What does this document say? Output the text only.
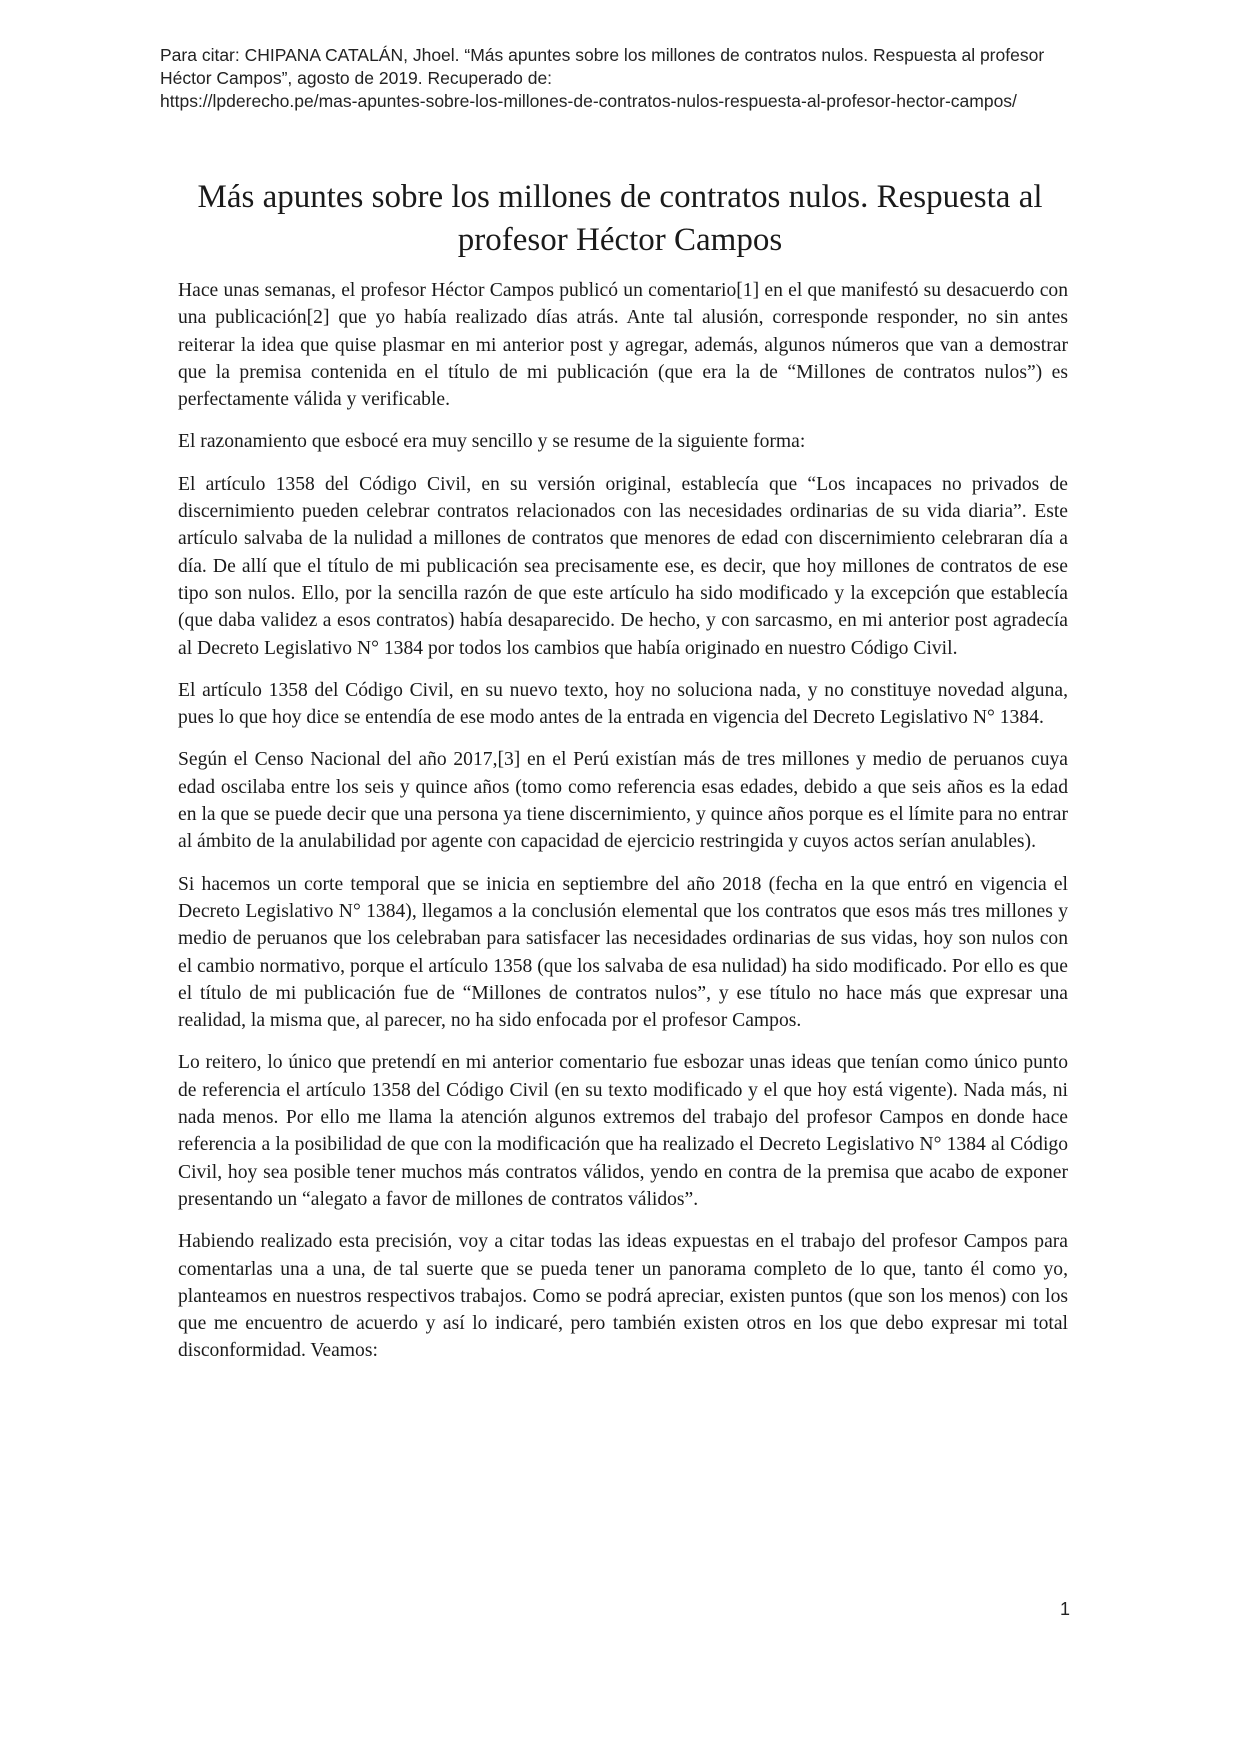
Para citar: CHIPANA CATALÁN, Jhoel. “Más apuntes sobre los millones de contratos nulos. Respuesta al profesor
Héctor Campos”, agosto de 2019. Recuperado de:
https://lpderecho.pe/mas-apuntes-sobre-los-millones-de-contratos-nulos-respuesta-al-profesor-hector-campos/
Más apuntes sobre los millones de contratos nulos. Respuesta al
profesor Héctor Campos

Hace unas semanas, el profesor Héctor Campos publicó un comentario[1] en el que manifestó su desacuerdo con una publicación[2] que yo había realizado días atrás. Ante tal alusión, corresponde responder, no sin antes reiterar la idea que quise plasmar en mi anterior post y agregar, además, algunos números que van a demostrar que la premisa contenida en el título de mi publicación (que era la de “Millones de contratos nulos”) es perfectamente válida y verificable.

El razonamiento que esbocé era muy sencillo y se resume de la siguiente forma:

El artículo 1358 del Código Civil, en su versión original, establecía que “Los incapaces no privados de discernimiento pueden celebrar contratos relacionados con las necesidades ordinarias de su vida diaria”. Este artículo salvaba de la nulidad a millones de contratos que menores de edad con discernimiento celebraran día a día. De allí que el título de mi publicación sea precisamente ese, es decir, que hoy millones de contratos de ese tipo son nulos. Ello, por la sencilla razón de que este artículo ha sido modificado y la excepción que establecía (que daba validez a esos contratos) había desaparecido. De hecho, y con sarcasmo, en mi anterior post agradecía al Decreto Legislativo N° 1384 por todos los cambios que había originado en nuestro Código Civil.

El artículo 1358 del Código Civil, en su nuevo texto, hoy no soluciona nada, y no constituye novedad alguna, pues lo que hoy dice se entendía de ese modo antes de la entrada en vigencia del Decreto Legislativo N° 1384.

Según el Censo Nacional del año 2017,[3] en el Perú existían más de tres millones y medio de peruanos cuya edad oscilaba entre los seis y quince años (tomo como referencia esas edades, debido a que seis años es la edad en la que se puede decir que una persona ya tiene discernimiento, y quince años porque es el límite para no entrar al ámbito de la anulabilidad por agente con capacidad de ejercicio restringida y cuyos actos serían anulables).

Si hacemos un corte temporal que se inicia en septiembre del año 2018 (fecha en la que entró en vigencia el Decreto Legislativo N° 1384), llegamos a la conclusión elemental que los contratos que esos más tres millones y medio de peruanos que los celebraban para satisfacer las necesidades ordinarias de sus vidas, hoy son nulos con el cambio normativo, porque el artículo 1358 (que los salvaba de esa nulidad) ha sido modificado. Por ello es que el título de mi publicación fue de “Millones de contratos nulos”, y ese título no hace más que expresar una realidad, la misma que, al parecer, no ha sido enfocada por el profesor Campos.

Lo reitero, lo único que pretendí en mi anterior comentario fue esbozar unas ideas que tenían como único punto de referencia el artículo 1358 del Código Civil (en su texto modificado y el que hoy está vigente). Nada más, ni nada menos. Por ello me llama la atención algunos extremos del trabajo del profesor Campos en donde hace referencia a la posibilidad de que con la modificación que ha realizado el Decreto Legislativo N° 1384 al Código Civil, hoy sea posible tener muchos más contratos válidos, yendo en contra de la premisa que acabo de exponer presentando un “alegato a favor de millones de contratos válidos”.

Habiendo realizado esta precisión, voy a citar todas las ideas expuestas en el trabajo del profesor Campos para comentarlas una a una, de tal suerte que se pueda tener un panorama completo de lo que, tanto él como yo, planteamos en nuestros respectivos trabajos. Como se podrá apreciar, existen puntos (que son los menos) con los que me encuentro de acuerdo y así lo indicaré, pero también existen otros en los que debo expresar mi total disconformidad. Veamos:

1
